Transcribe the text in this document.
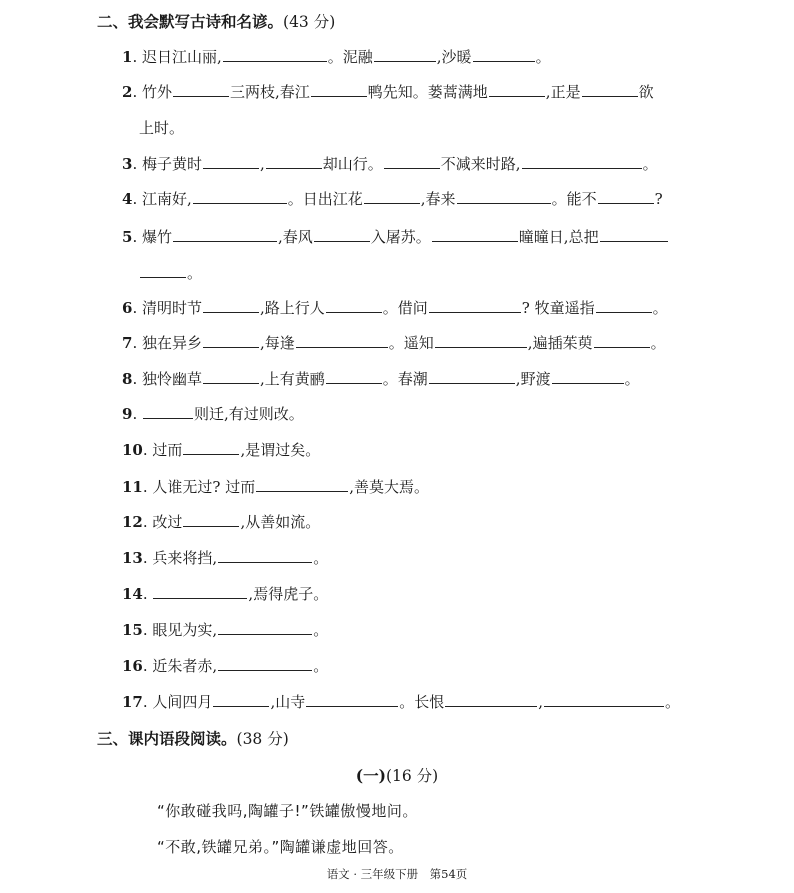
二、我会默写古诗和名谚。(43 分)
1. 迟日江山丽,	。泥融	,沙暖	。
2. 竹外	三两枝,春江	鸭先知。蒌蒿满地	,正是	欲
上时。
3. 梅子黄时	,	却山行。	不减来时路,	。
4. 江南好,	。日出江花	,春来	。能不	?
5. 爆竹	,春风	入屠苏。	曈曈日,总把
。
6. 清明时节	,路上行人	。借问	? 牧童遥指	。
7. 独在异乡	,每逢	。遥知	,遍插茱萸	。
8. 独怜幽草	,上有黄鹂	。春潮	,野渡	。
9.	则迁,有过则改。
10. 过而	,是谓过矣。
11. 人谁无过? 过而	,善莫大焉。
12. 改过	,从善如流。
13. 兵来将挡,	。
14.	,焉得虎子。
15. 眼见为实,	。
16. 近朱者赤,	。
17. 人间四月	,山寺	。长恨	,	。
三、课内语段阅读。(38 分)
(一)(16 分)
“你敢碰我吗,陶罐子!”铁罐傲慢地问。
“不敢,铁罐兄弟。”陶罐谦虚地回答。
语文 · 三年级下册　第54页
